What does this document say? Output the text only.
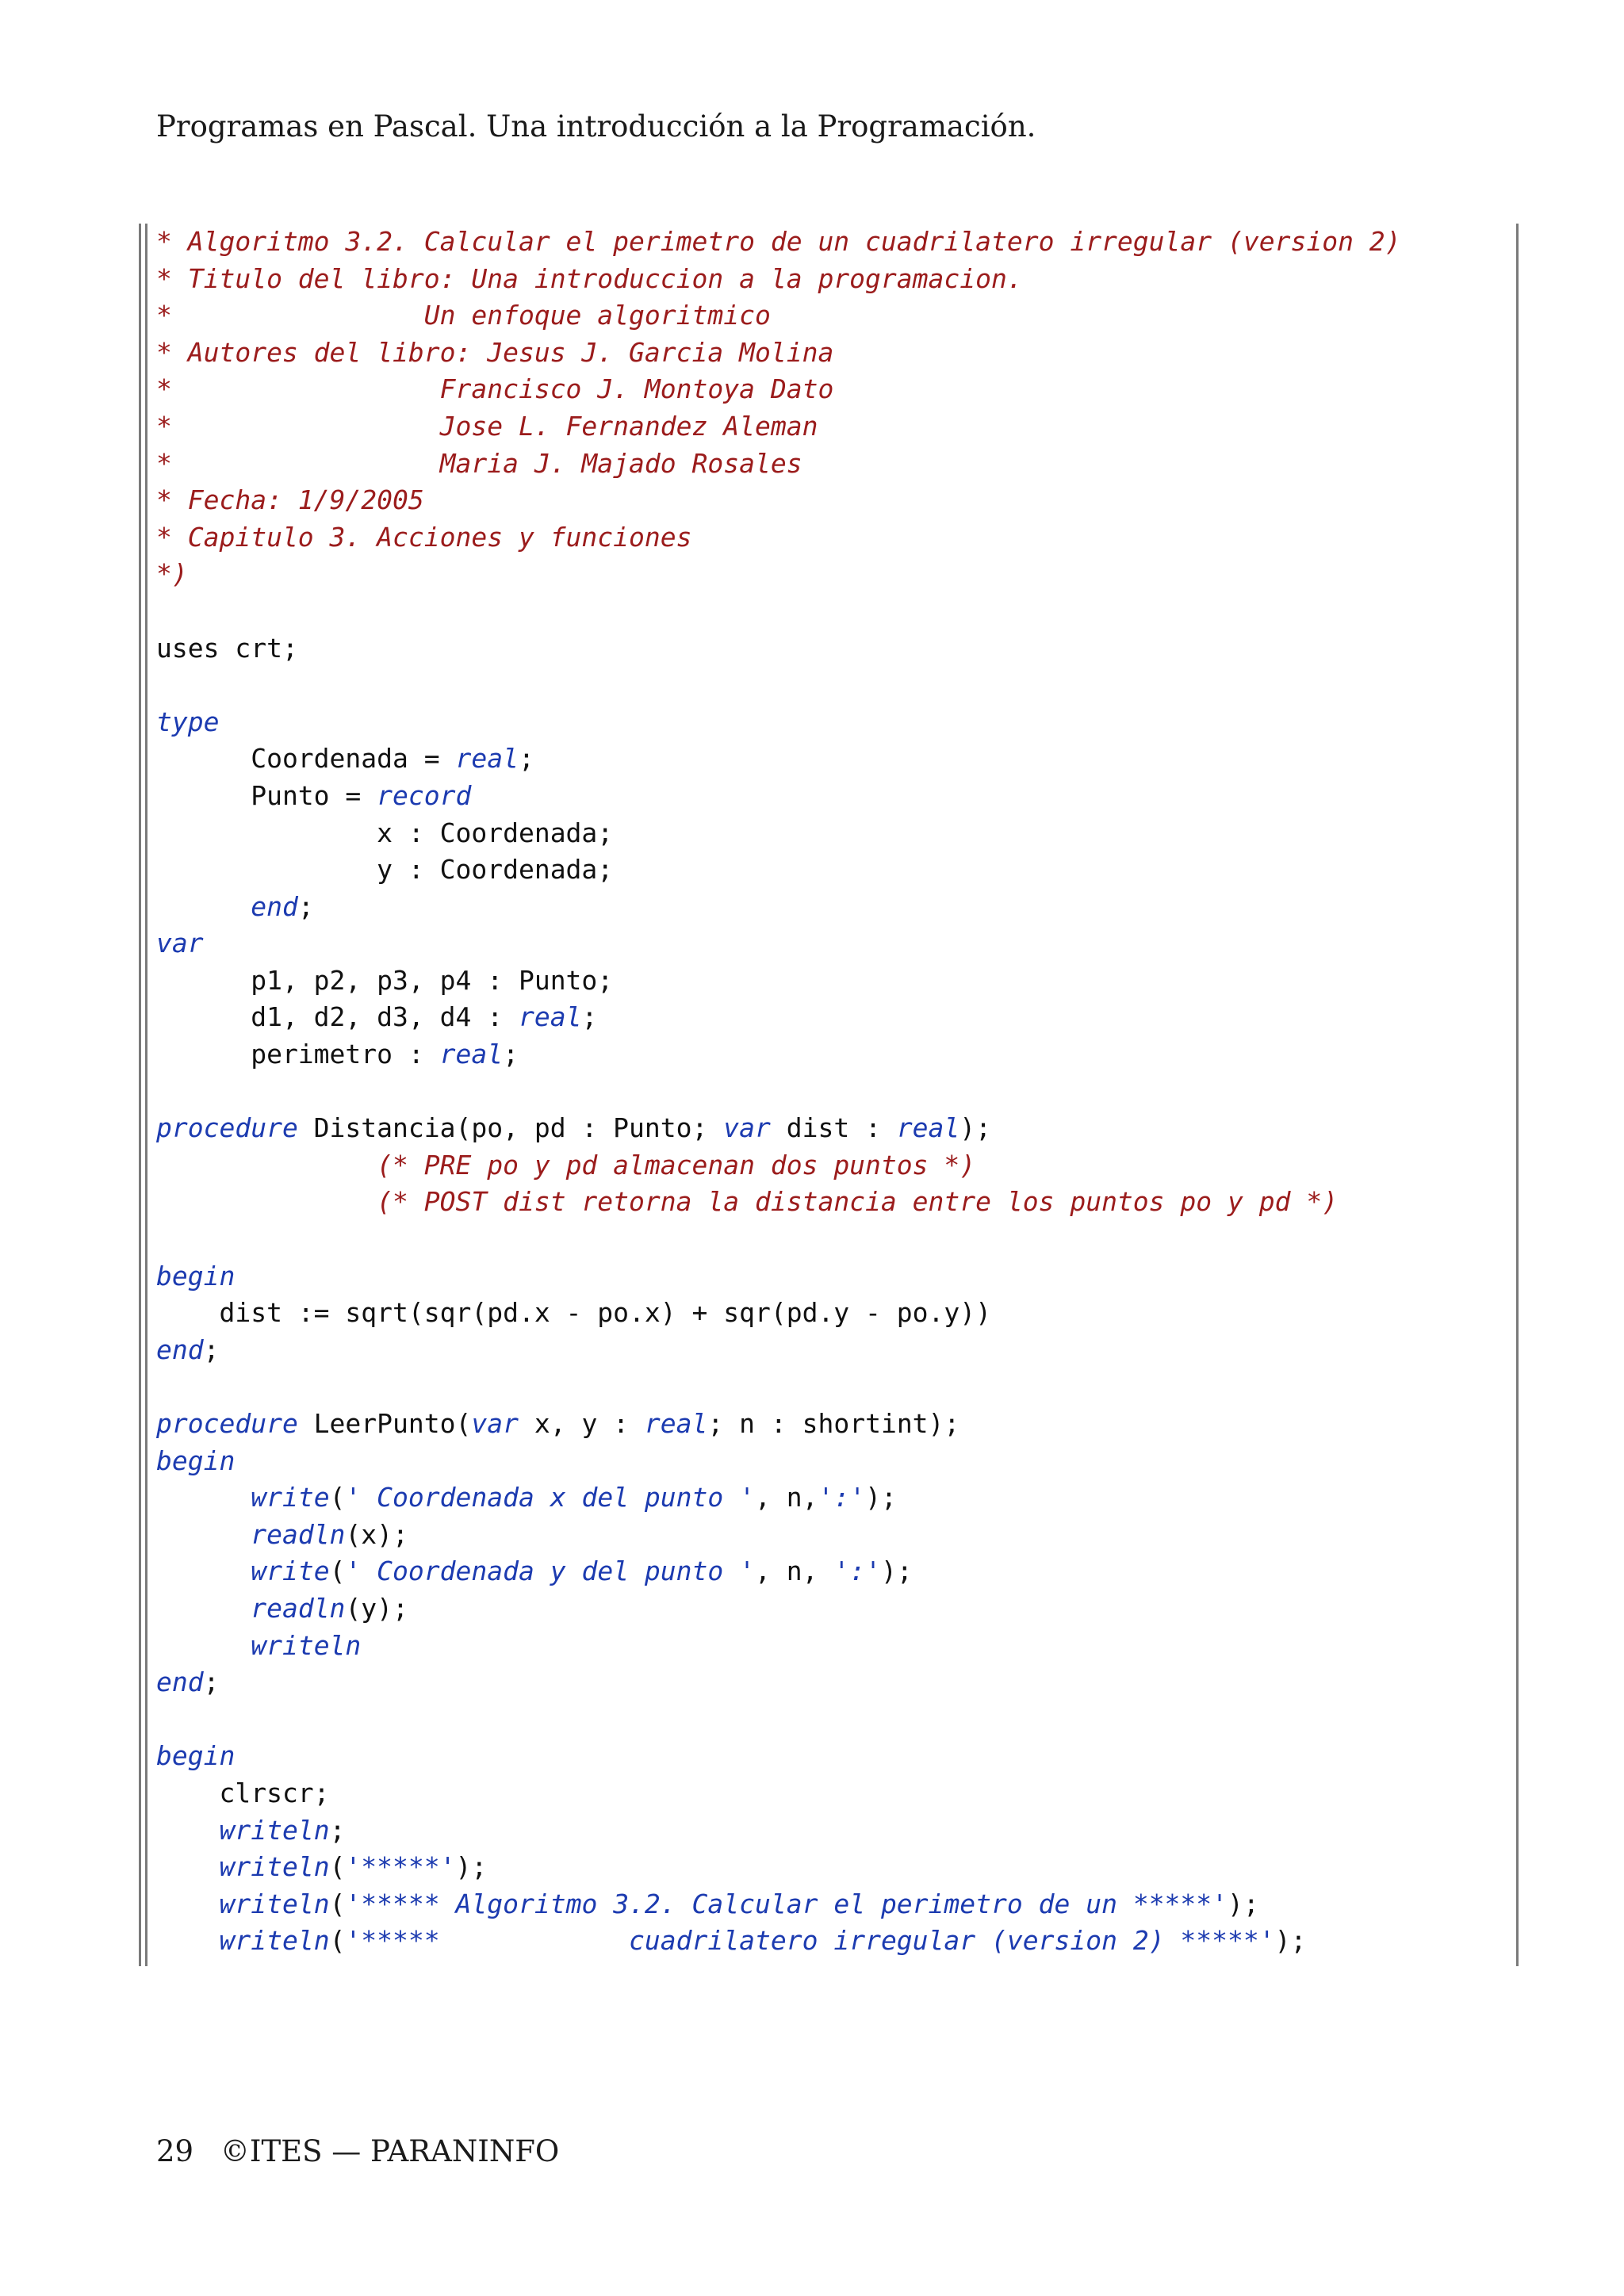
Programas en Pascal. Una introducción a la Programación.
* Algoritmo 3.2. Calcular el perimetro de un cuadrilatero irregular (version 2)
* Titulo del libro: Una introduccion a la programacion.
*                Un enfoque algoritmico
* Autores del libro: Jesus J. Garcia Molina
*                 Francisco J. Montoya Dato
*                 Jose L. Fernandez Aleman
*                 Maria J. Majado Rosales
* Fecha: 1/9/2005
* Capitulo 3. Acciones y funciones
*)
uses crt;
type
Coordenada = real;
Punto = record
x : Coordenada;
y : Coordenada;
end;
var
p1, p2, p3, p4 : Punto;
d1, d2, d3, d4 : real;
perimetro : real;
procedure Distancia(po, pd : Punto; var dist : real);
(* PRE po y pd almacenan dos puntos *)
(* POST dist retorna la distancia entre los puntos po y pd *)
begin
dist := sqrt(sqr(pd.x - po.x) + sqr(pd.y - po.y))
end;
procedure LeerPunto(var x, y : real; n : shortint);
begin
write(' Coordenada x del punto ', n,':');
readln(x);
write(' Coordenada y del punto ', n, ':');
readln(y);
writeln
end;
begin
clrscr;
writeln;
writeln('*****');
writeln('***** Algoritmo 3.2. Calcular el perimetro de un *****');
writeln('*****            cuadrilatero irregular (version 2) *****');
29 ©ITES — PARANINFO
